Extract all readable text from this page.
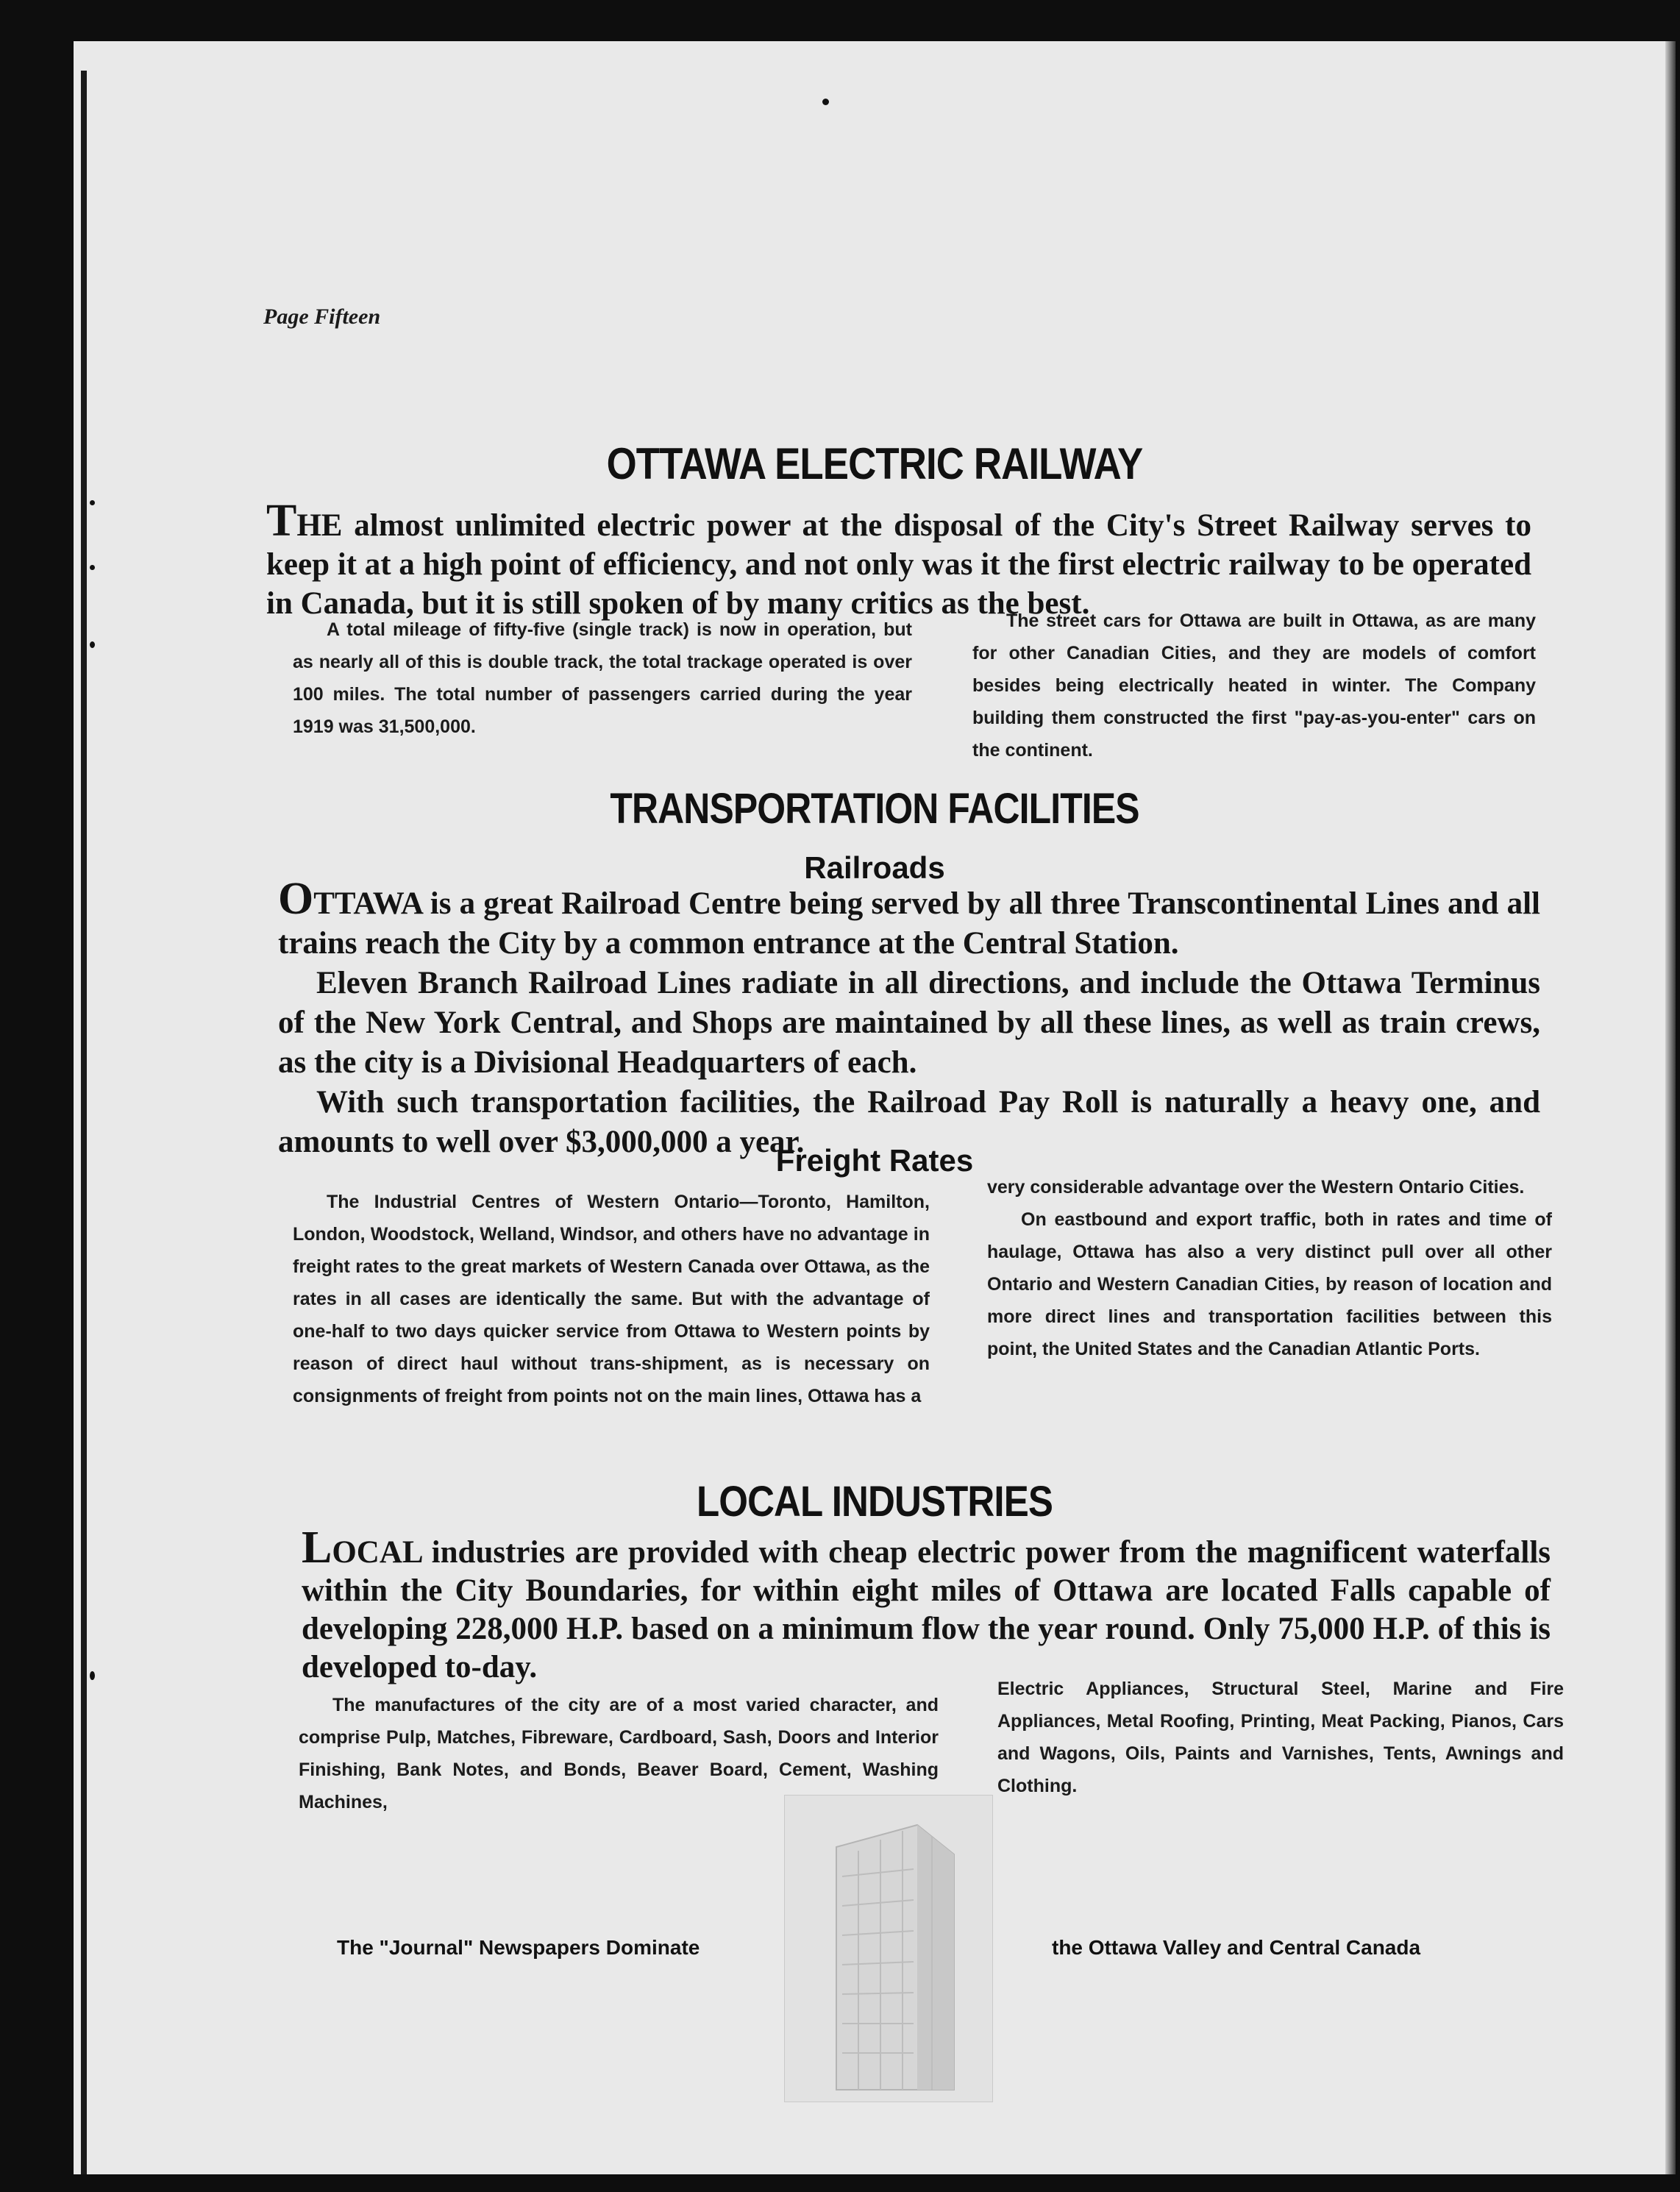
Page Fifteen
OTTAWA ELECTRIC RAILWAY

THE almost unlimited electric power at the disposal of the City's Street Railway serves to keep it at a high point of efficiency, and not only was it the first electric railway to be operated in Canada, but it is still spoken of by many critics as the best.

A total mileage of fifty-five (single track) is now in operation, but as nearly all of this is double track, the total trackage operated is over 100 miles. The total number of passengers carried during the year 1919 was 31,500,000.

The street cars for Ottawa are built in Ottawa, as are many for other Canadian Cities, and they are models of comfort besides being electrically heated in winter. The Company building them constructed the first "pay-as-you-enter" cars on the continent.

TRANSPORTATION FACILITIES
Railroads

OTTAWA is a great Railroad Centre being served by all three Transcontinental Lines and all trains reach the City by a common entrance at the Central Station.

Eleven Branch Railroad Lines radiate in all directions, and include the Ottawa Terminus of the New York Central, and Shops are maintained by all these lines, as well as train crews, as the city is a Divisional Headquarters of each.

With such transportation facilities, the Railroad Pay Roll is naturally a heavy one, and amounts to well over $3,000,000 a year.

Freight Rates

The Industrial Centres of Western Ontario—Toronto, Hamilton, London, Woodstock, Welland, Windsor, and others have no advantage in freight rates to the great markets of Western Canada over Ottawa, as the rates in all cases are identically the same. But with the advantage of one-half to two days quicker service from Ottawa to Western points by reason of direct haul without trans-shipment, as is necessary on consignments of freight from points not on the main lines, Ottawa has a

very considerable advantage over the Western Ontario Cities.

On eastbound and export traffic, both in rates and time of haulage, Ottawa has also a very distinct pull over all other Ontario and Western Canadian Cities, by reason of location and more direct lines and transportation facilities between this point, the United States and the Canadian Atlantic Ports.

LOCAL INDUSTRIES

LOCAL industries are provided with cheap electric power from the magnificent waterfalls within the City Boundaries, for within eight miles of Ottawa are located Falls capable of developing 228,000 H.P. based on a minimum flow the year round. Only 75,000 H.P. of this is developed to-day.

The manufactures of the city are of a most varied character, and comprise Pulp, Matches, Fibreware, Cardboard, Sash, Doors and Interior Finishing, Bank Notes, and Bonds, Beaver Board, Cement, Washing Machines,

Electric Appliances, Structural Steel, Marine and Fire Appliances, Metal Roofing, Printing, Meat Packing, Pianos, Cars and Wagons, Oils, Paints and Varnishes, Tents, Awnings and Clothing.

The "Journal" Newspapers Dominate	the Ottawa Valley and Central Canada
